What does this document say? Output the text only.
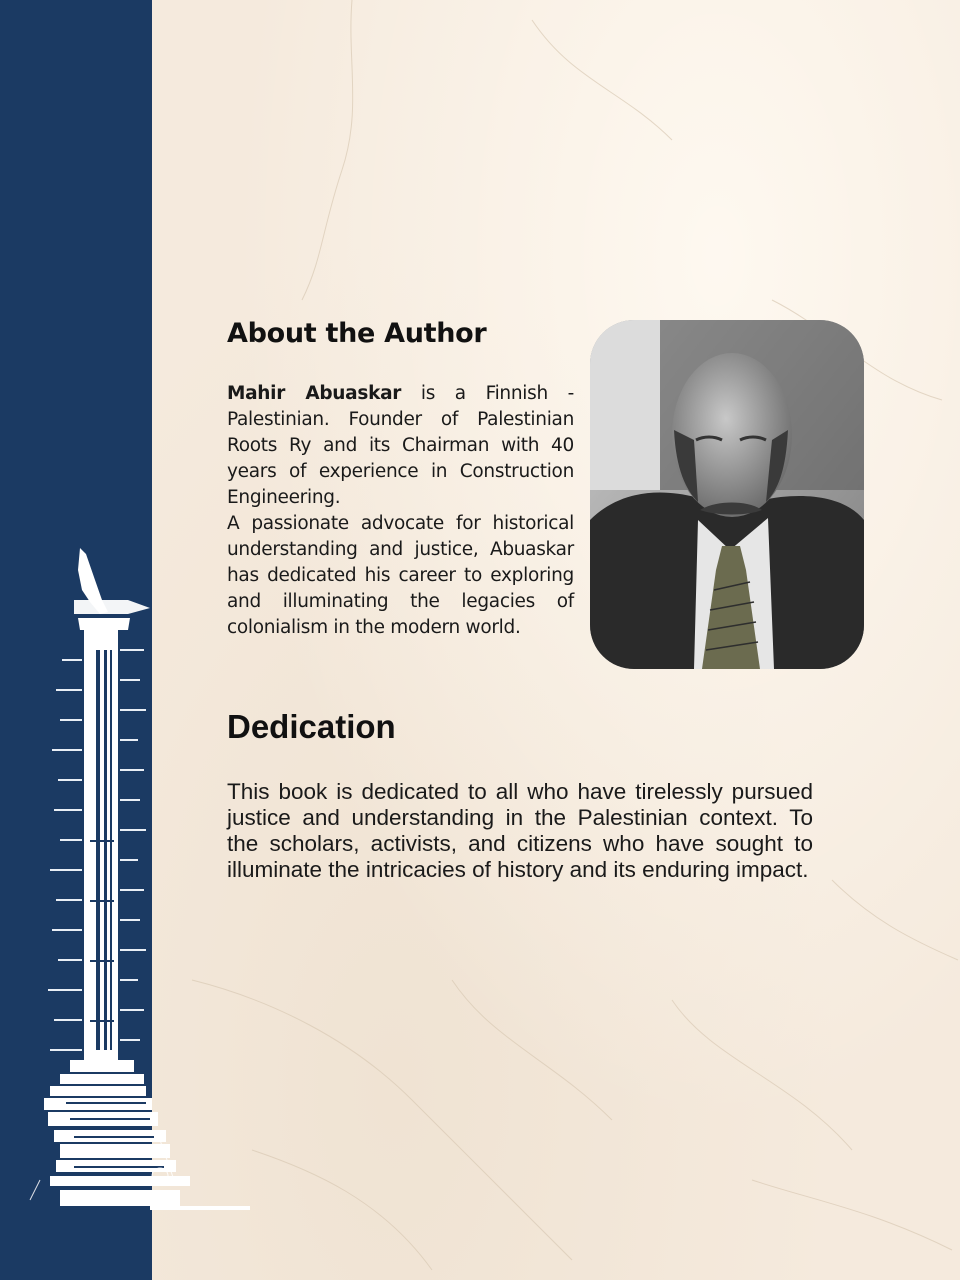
About the Author

Mahir Abuaskar is a Finnish - Palestinian. Founder of Palestinian Roots Ry and its Chairman with 40 years of experience in Construction Engineering.

A passionate advocate for historical understanding and justice, Abuaskar has dedicated his career to exploring and illuminating the legacies of colonialism in the modern world.

Dedication

This book is dedicated to all who have tirelessly pursued justice and understanding in the Palestinian context. To the scholars, activists, and citizens who have sought to illuminate the intricacies of history and its enduring impact.
